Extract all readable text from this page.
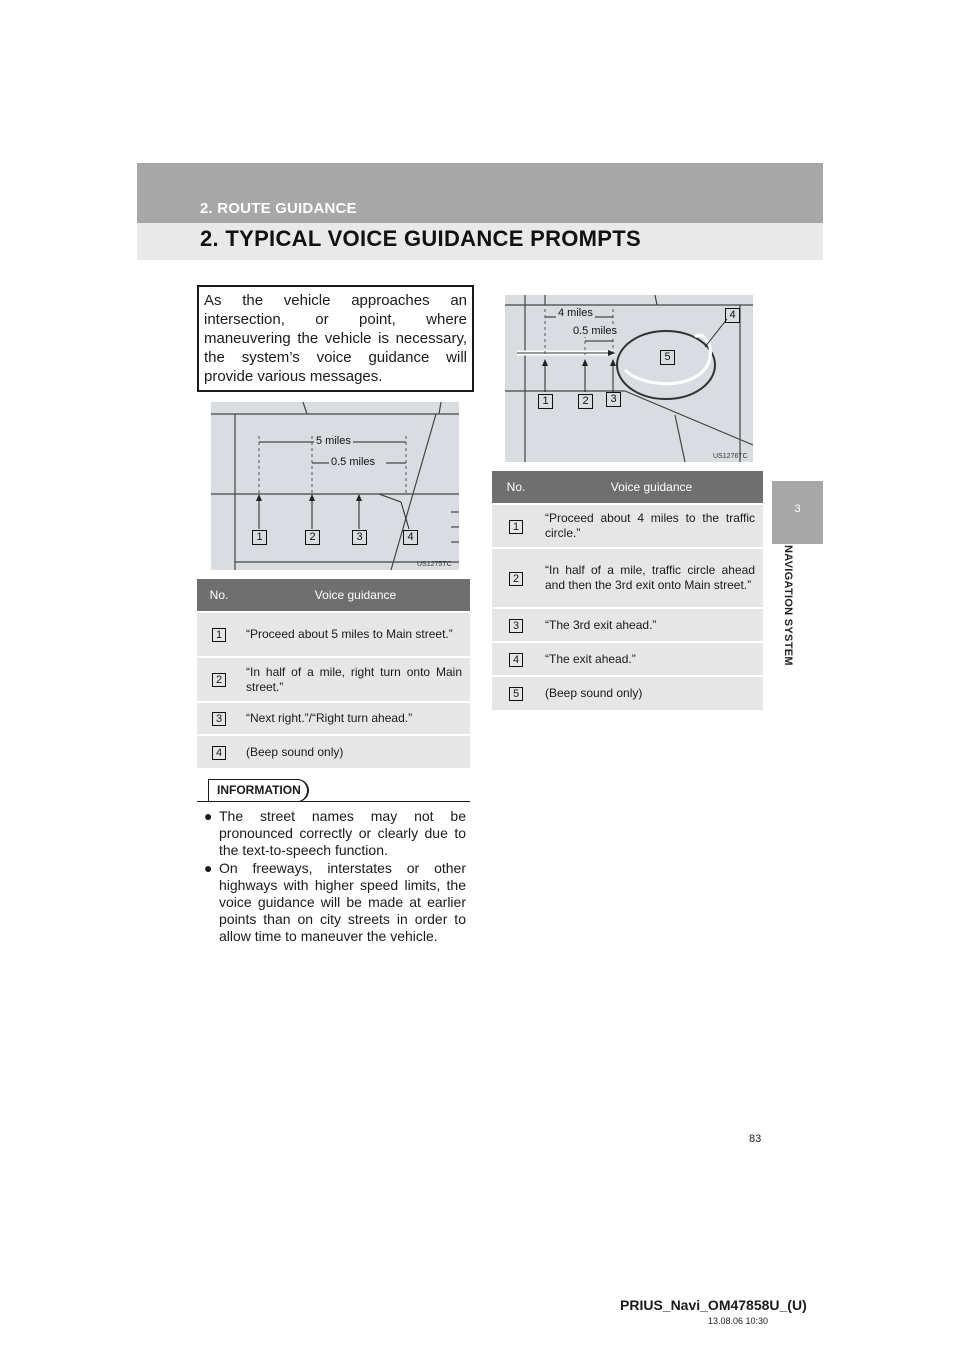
2. ROUTE GUIDANCE
2. TYPICAL VOICE GUIDANCE PROMPTS
3
NAVIGATION SYSTEM
As the vehicle approaches an intersection, or point, where maneuvering the vehicle is necessary, the system’s voice guidance will provide various messages.
5 miles
0.5 miles
1	2	3	4
US1275TC
4 miles
0.5 miles
1	2	3
4
5
US1276TC
No.	Voice guidance
1	“Proceed about 5 miles to Main street.”
2	“In half of a mile, right turn onto Main street.”
3	“Next right.”/“Right turn ahead.”
4	(Beep sound only)
No.	Voice guidance
1	“Proceed about 4 miles to the traffic circle.”
2	“In half of a mile, traffic circle ahead and then the 3rd exit onto Main street.”
3	“The 3rd exit ahead.”
4	“The exit ahead.”
5	(Beep sound only)
INFORMATION
● The street names may not be pronounced correctly or clearly due to the text-to-speech function.
● On freeways, interstates or other highways with higher speed limits, the voice guidance will be made at earlier points than on city streets in order to allow time to maneuver the vehicle.
83
PRIUS_Navi_OM47858U_(U)
13.08.06 10:30
